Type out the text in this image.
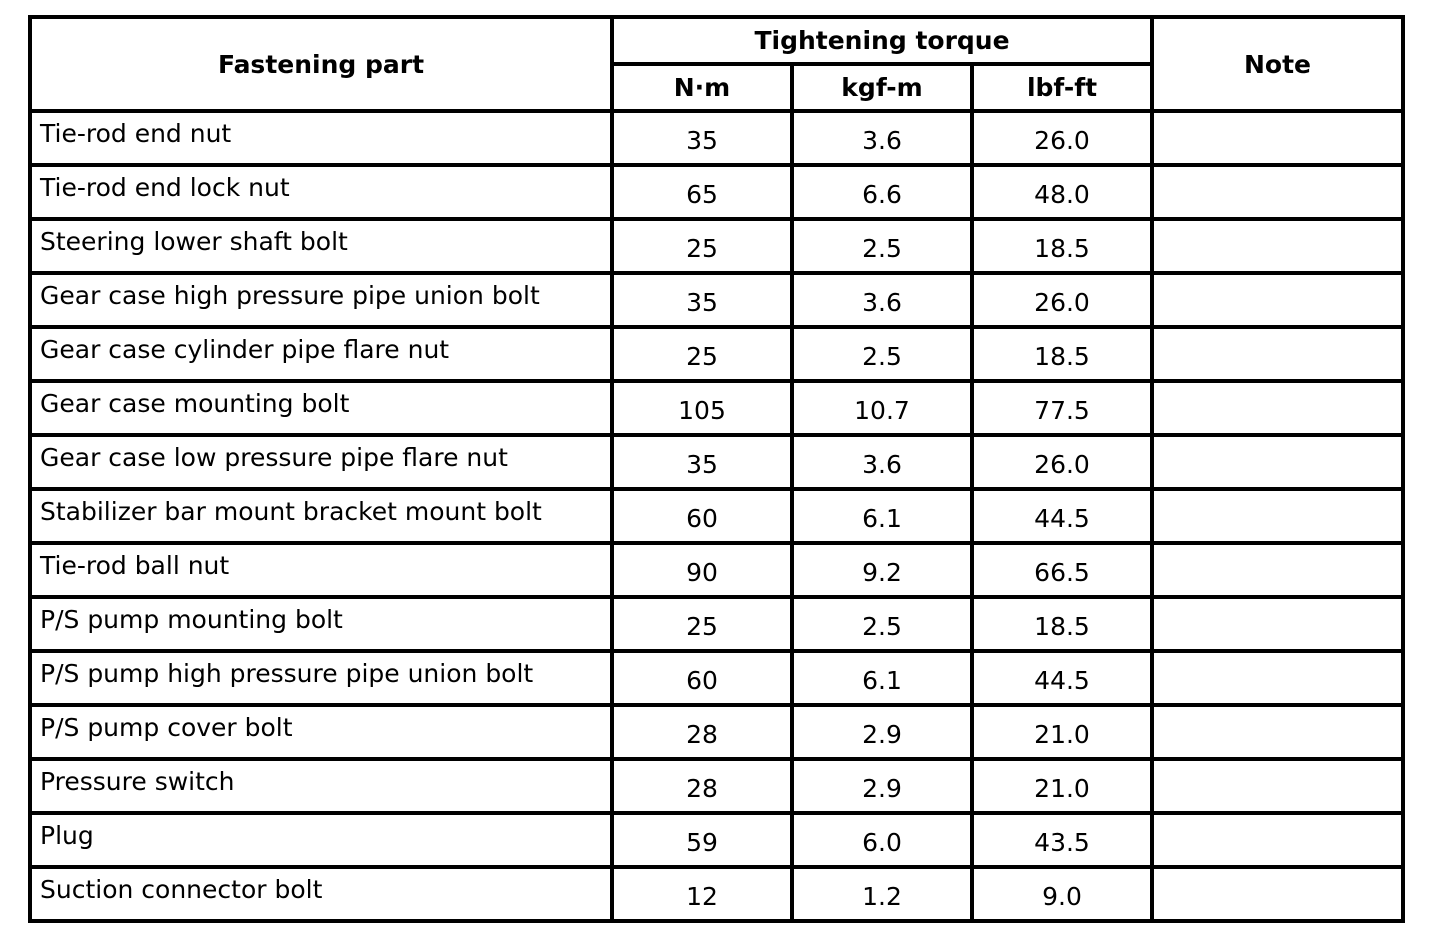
Fastening part	Tightening torque			Note
	N·m	kgf-m	lbf-ft	
Tie-rod end nut	35	3.6	26.0	
Tie-rod end lock nut	65	6.6	48.0	
Steering lower shaft bolt	25	2.5	18.5	
Gear case high pressure pipe union bolt	35	3.6	26.0	
Gear case cylinder pipe flare nut	25	2.5	18.5	
Gear case mounting bolt	105	10.7	77.5	
Gear case low pressure pipe flare nut	35	3.6	26.0	
Stabilizer bar mount bracket mount bolt	60	6.1	44.5	
Tie-rod ball nut	90	9.2	66.5	
P/S pump mounting bolt	25	2.5	18.5	
P/S pump high pressure pipe union bolt	60	6.1	44.5	
P/S pump cover bolt	28	2.9	21.0	
Pressure switch	28	2.9	21.0	
Plug	59	6.0	43.5	
Suction connector bolt	12	1.2	9.0	
